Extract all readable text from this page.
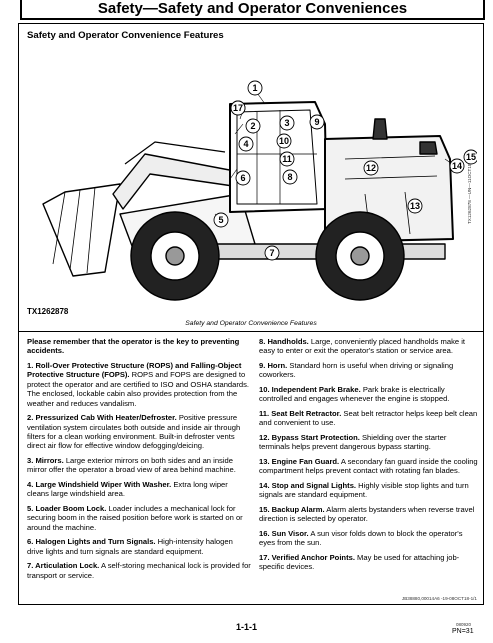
Safety—Safety and Operator Conveniences
Safety and Operator Convenience Features
1
2	3
4
5
6
7
8
9
10
11
12
13
14
15
17
TX1262878 —UN—11OCT18
TX1262878
Safety and Operator Convenience Features

Please remember that the operator is the key to preventing accidents.

1. Roll-Over Protective Structure (ROPS) and Falling-Object Protective Structure (FOPS). ROPS and FOPS are designed to protect the operator and are certified to ISO and OSHA standards. The enclosed, lockable cabin also provides protection from the weather and reduces vandalism.

2. Pressurized Cab With Heater/Defroster. Positive pressure ventilation system circulates both outside and inside air through filters for a clean working environment. Built-in defroster vents direct air flow for effective window defogging/deicing.

3. Mirrors. Large exterior mirrors on both sides and an inside mirror offer the operator a broad view of area behind machine.

4. Large Windshield Wiper With Washer. Extra long wiper cleans large windshield area.

5. Loader Boom Lock. Loader includes a mechanical lock for securing boom in the raised position before work is started on or around the machine.

6. Halogen Lights and Turn Signals. High-intensity halogen drive lights and turn signals are standard equipment.

7. Articulation Lock. A self-storing mechanical lock is provided for transport or service.

8. Handholds. Large, conveniently placed handholds make it easy to enter or exit the operator's station or service area.

9. Horn. Standard horn is useful when driving or signaling coworkers.

10. Independent Park Brake. Park brake is electrically controlled and engages whenever the engine is stopped.

11. Seat Belt Retractor. Seat belt retractor helps keep belt clean and convenient to use.

12. Bypass Start Protection. Shielding over the starter terminals helps prevent dangerous bypass starting.

13. Engine Fan Guard. A secondary fan guard inside the cooling compartment helps prevent contact with rotating fan blades.

14. Stop and Signal Lights. Highly visible stop lights and turn signals are standard equipment.

15. Backup Alarm. Alarm alerts bystanders when reverse travel direction is selected by operator.

16. Sun Visor. A sun visor folds down to block the operator's eyes from the sun.

17. Verified Anchor Points. May be used for attaching job-specific devices.

JB38880,00014A6 -19-08OCT18-1/1
1-1-1	080920
PN=31
